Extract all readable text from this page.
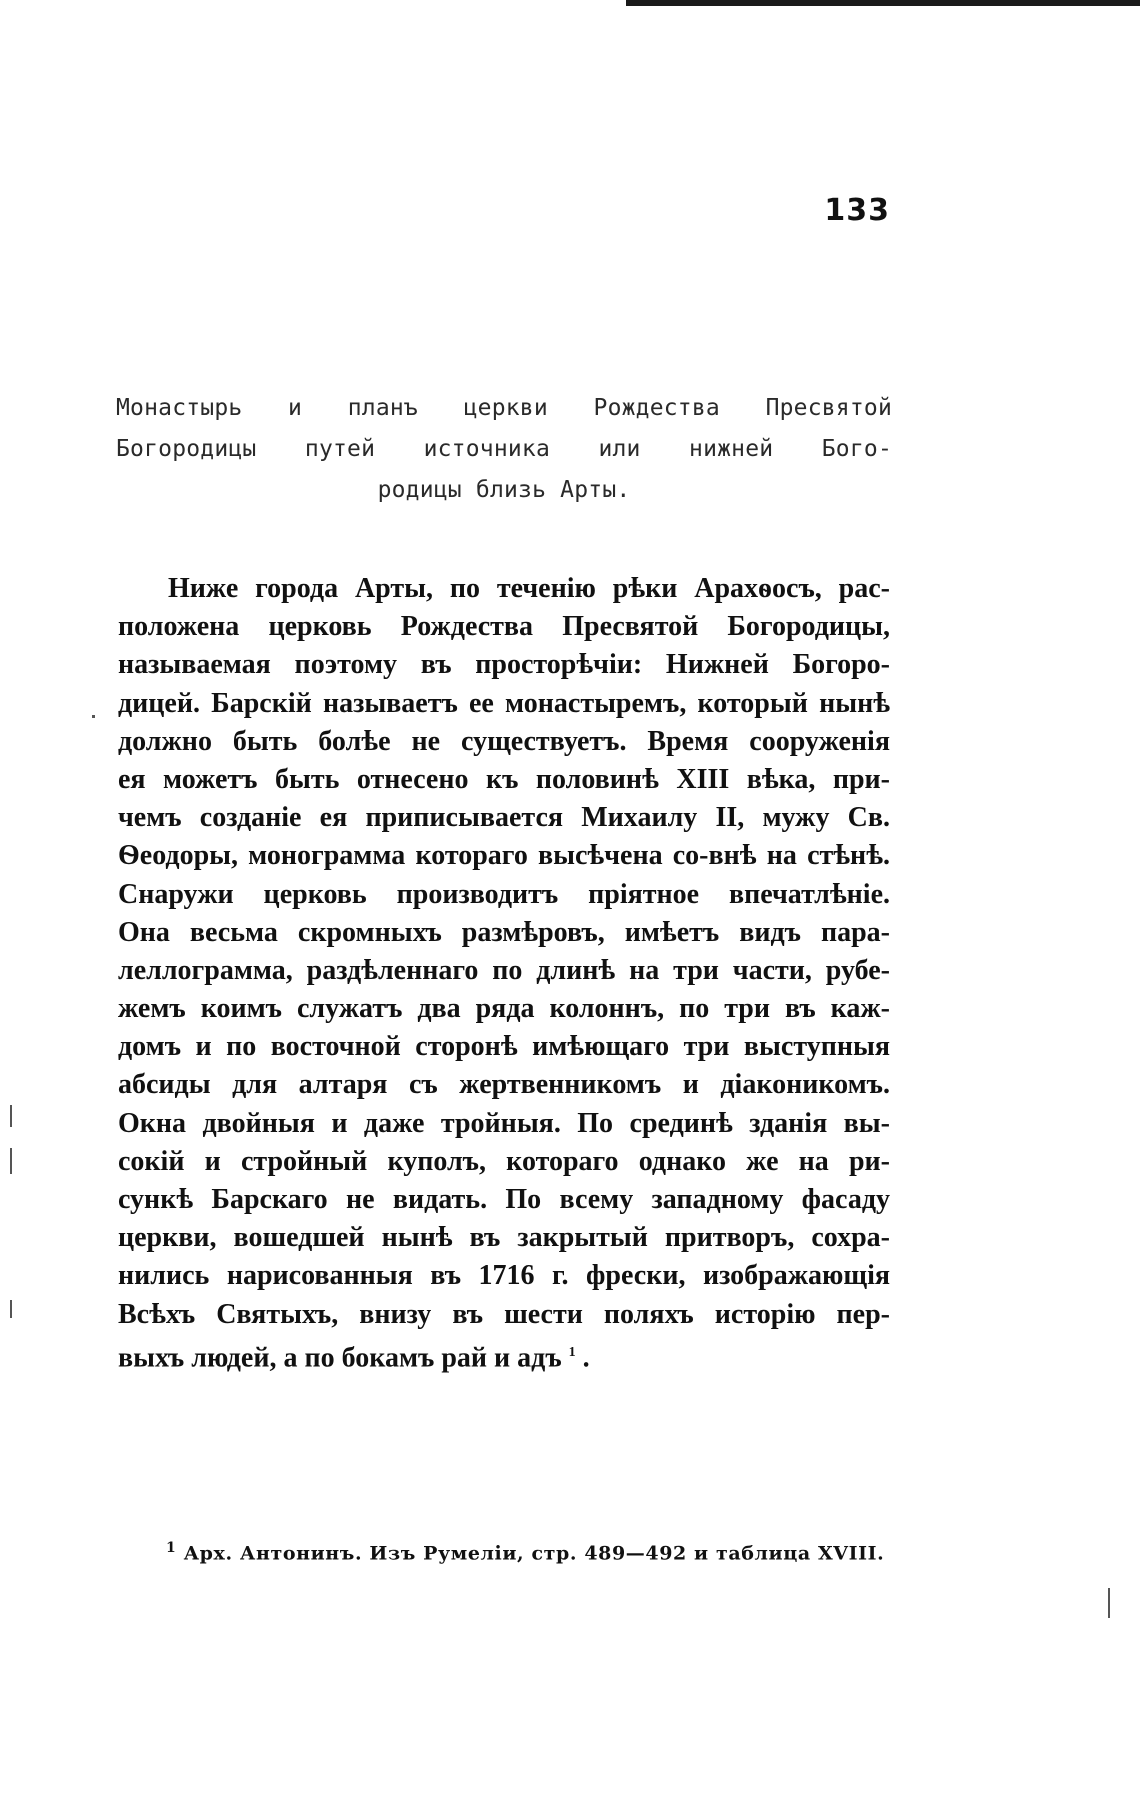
133
Монастырь и планъ церкви Рождества Пресвятой
Богородицы путей источника или нижней Бого-
родицы близь Арты.
Ниже города Арты, по теченію рѣки Арахѳосъ, рас-
положена церковь Рождества Пресвятой Богородицы,
называемая поэтому въ просторѣчіи: Нижней Богоро-
дицей. Барскій называетъ ее монастыремъ, который нынѣ
должно быть болѣе не существуетъ. Время сооруженія
ея можетъ быть отнесено къ половинѣ XIII вѣка, при-
чемъ созданіе ея приписывается Михаилу II, мужу Св.
Ѳеодоры, монограмма котораго высѣчена со-внѣ на стѣнѣ.
Снаружи церковь производитъ пріятное впечатлѣніе.
Она весьма скромныхъ размѣровъ, имѣетъ видъ пара-
леллограмма, раздѣленнаго по длинѣ на три части, рубе-
жемъ коимъ служатъ два ряда колоннъ, по три въ каж-
домъ и по восточной сторонѣ имѣющаго три выступныя
абсиды для алтаря съ жертвенникомъ и діаконикомъ.
Окна двойныя и даже тройныя. По срединѣ зданія вы-
сокій и стройный куполъ, котораго однако же на ри-
сункѣ Барскаго не видать. По всему западному фасаду
церкви, вошедшей нынѣ въ закрытый притворъ, сохра-
нились нарисованныя въ 1716 г. фрески, изображающія
Всѣхъ Святыхъ, внизу въ шести поляхъ исторію пер-
выхъ людей, а по бокамъ рай и адъ $^1$ .
$^1$ Арх. Антонинъ. Изъ Румеліи, стр. 489—492 и таблица XVIII.
